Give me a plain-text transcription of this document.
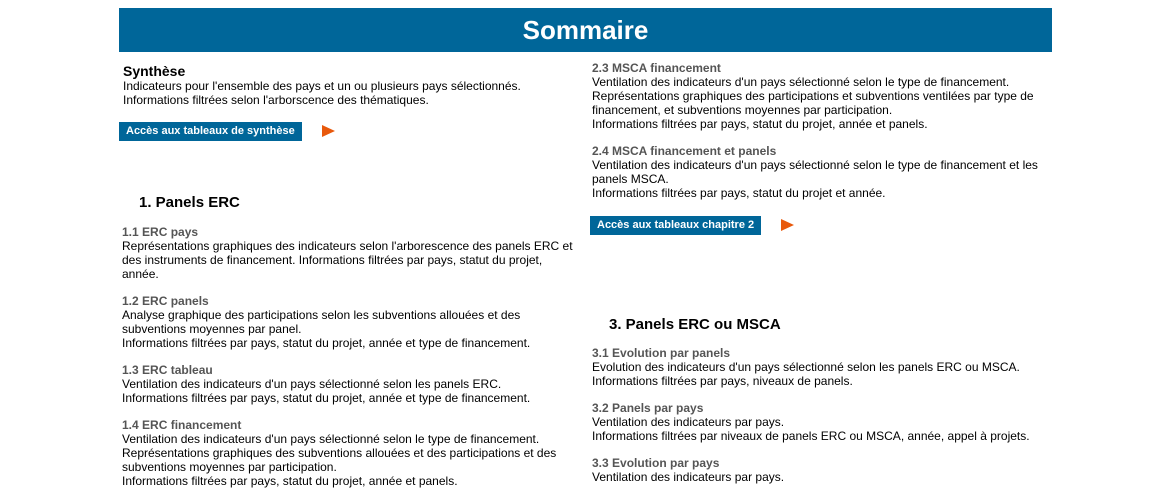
Sommaire

Synthèse

Indicateurs pour l'ensemble des pays et un ou plusieurs pays sélectionnés.

Informations filtrées selon l'arborscence des thématiques.

Accès aux tableaux de synthèse
1. Panels ERC

1.1 ERC pays

Représentations graphiques des indicateurs selon l'arborescence des panels ERC et

des instruments de financement. Informations filtrées par pays, statut du projet,

année.

1.2 ERC panels

Analyse graphique des participations selon les subventions allouées et des

subventions moyennes par panel.

Informations filtrées par pays, statut du projet, année et type de financement.

1.3 ERC tableau

Ventilation des indicateurs d'un pays sélectionné selon les panels ERC.

Informations filtrées par pays, statut du projet, année et type de financement.

1.4 ERC financement

Ventilation des indicateurs d'un pays sélectionné selon le type de financement.

Représentations graphiques des subventions allouées et des participations et des

subventions moyennes par participation.

Informations filtrées par pays, statut du projet, année et panels.

2.3 MSCA financement

Ventilation des indicateurs d'un pays sélectionné selon le type de financement.

Représentations graphiques des participations et subventions ventilées par type de

financement, et subventions moyennes par participation.

Informations filtrées par pays, statut du projet, année et panels.

2.4 MSCA financement et panels

Ventilation des indicateurs d'un pays sélectionné selon le type de financement et les

panels MSCA.

Informations filtrées par pays, statut du projet et année.

Accès aux tableaux chapitre 2
3. Panels ERC ou MSCA

3.1 Evolution par panels

Evolution des indicateurs d'un pays sélectionné selon les panels ERC ou MSCA.

Informations filtrées par pays, niveaux de panels.

3.2 Panels par pays

Ventilation des indicateurs par pays.

Informations filtrées par niveaux de panels ERC ou MSCA, année, appel à projets.

3.3 Evolution par pays

Ventilation des indicateurs par pays.
